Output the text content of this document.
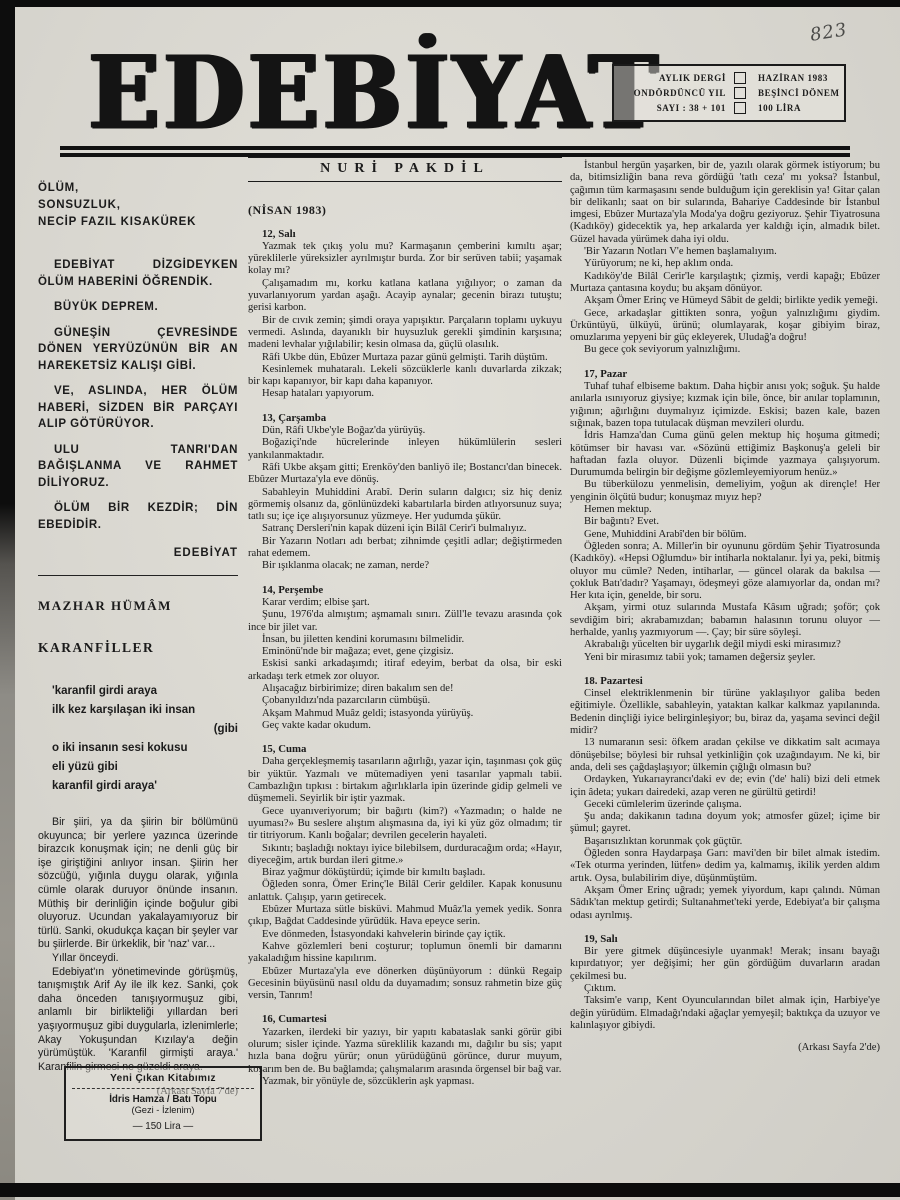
823
EDEBİYAT
AYLIK DERGİ	HAZİRAN 1983
ONDÖRDÜNCÜ YIL	BEŞİNCİ DÖNEM
SAYI : 38 + 101	100 LİRA
ÖLÜM,
SONSUZLUK,
NECİP FAZIL KISAKÜREK

EDEBİYAT DİZGİDEYKEN ÖLÜM HABERİNİ ÖĞRENDİK.

BÜYÜK DEPREM.

GÜNEŞİN ÇEVRESİNDE DÖNEN YERYÜZÜNÜN BİR AN HAREKETSİZ KALIŞI GİBİ.

VE, ASLINDA, HER ÖLÜM HABERİ, SİZDEN BİR PARÇAYI ALIP GÖTÜRÜYOR.

ULU TANRI'DAN BAĞIŞLANMA VE RAHMET DİLİYORUZ.

ÖLÜM BİR KEZDİR; DİN EBEDİDİR.

EDEBİYAT
MAZHAR HÜMÂM
KARANFİLLER
'karanfil girdi araya
ilk kez karşılaşan iki insan
(gibi
o iki insanın sesi kokusu
eli yüzü gibi
karanfil girdi araya'

Bir şiiri, ya da şiirin bir bölümünü okuyunca; bir yerlere yazınca üzerinde birazcık konuşmak için; ne denli güç bir işe giriştiğini anlıyor insan. Şiirin her sözcüğü, yığınla duygu olarak, yığınla cümle olarak duruyor önünde insanın. Müthiş bir derinliğin içinde boğulur gibi oluyoruz. Ucundan yakalayamıyoruz bir türlü. Sanki, okudukça kaçan bir şeyler var bu şiirlerde. Bir ürkeklik, bir 'naz' var...

Yıllar önceydi.

Edebiyat'ın yönetimevinde görüşmüş, tanışmıştık Arif Ay ile ilk kez. Sanki, çok daha önceden tanışıyormuşuz gibi, anlamlı bir birlikteliği yıllardan beri yaşıyormuşuz gibi duygularla, izlenimlerle; Akay Yokuşundan Kızılay'a değin yürümüştük. 'Karanfil girmişti araya.' Karanfilin girmesi ne güzeldi araya.

(Arkası Sayfa 7'de)
Yeni Çıkan Kitabımız
İdris Hamza / Batı Topu
(Gezi - İzlenim)
— 150 Lira —
NURİ PAKDİL
(NİSAN 1983)
12, Salı

Yazmak tek çıkış yolu mu? Karmaşanın çemberini kımıltı aşar; yüreklilerle yüreksizler ayrılmıştır burda. Zor bir serüven tabii; yaşamak kolay mı?

Çalışamadım mı, korku katlana katlana yığılıyor; o zaman da yuvarlanıyorum yardan aşağı. Acayip aynalar; gecenin birazı tutuştu; gerisi karbon.

Bir de cıvık zemin; şimdi oraya yapışıktır. Parçaların toplamı uykuyu vermedi. Aslında, dayanıklı bir huysuzluk gerekli şimdinin karşısına; madeni levhalar yığılabilir; kesin olmasa da, güçlü olasılık.

Râfi Ukbe dün, Ebûzer Murtaza pazar günü gelmişti. Tarih düştüm.

Kesinlemek muhataralı. Lekeli sözcüklerle kanlı duvarlarda zikzak; bir kapı kapanıyor, bir kapı daha kapanıyor.

Hesap hataları yapıyorum.

13, Çarşamba

Dün, Râfi Ukbe'yle Boğaz'da yürüyüş.

Boğaziçi'nde hücrelerinde inleyen hükümlülerin sesleri yankılanmaktadır.

Râfi Ukbe akşam gitti; Erenköy'den banliyö ile; Bostancı'dan binecek. Ebûzer Murtaza'yla eve dönüş.

Sabahleyin Muhiddini Arabî. Derin suların dalgıcı; siz hiç deniz görmemiş olsanız da, gönlünüzdeki kabartılarla birden atlıyorsunuz suya; tatlı su; içe içe alışıyorsunuz yüzmeye. Her yudumda şükür.

Satranç Dersleri'nin kapak düzeni için Bilâl Cerir'i bulmalıyız.

Bir Yazarın Notları adı berbat; zihnimde çeşitli adlar; değiştirmeden rahat edemem.

Bir ışıklanma olacak; ne zaman, nerde?

14, Perşembe

Karar verdim; elbise şart.

Şunu, 1976'da almıştım; aşmamalı sınırı. Züll'le tevazu arasında çok ince bir jilet var.

İnsan, bu jiletten kendini korumasını bilmelidir.

Eminönü'nde bir mağaza; evet, gene çizgisiz.

Eskisi sanki arkadaşımdı; itiraf edeyim, berbat da olsa, bir eski arkadaşı terk etmek zor oluyor.

Alışacağız birbirimize; diren bakalım sen de!

Çobanyıldızı'nda pazarcıların cümbüşü.

Akşam Mahmud Muâz geldi; istasyonda yürüyüş.

Geç vakte kadar okudum.

15, Cuma

Daha gerçekleşmemiş tasarıların ağırlığı, yazar için, taşınması çok güç bir yüktür. Yazmalı ve mütemadiyen yeni tasarılar yapmalı tabii. Cambazlığın tıpkısı : birtakım ağırlıklarla ipin üzerinde gidip gelmeli ve düşmemeli. Seyirlik bir iştir yazmak.

Gece uyanıveriyorum; bir bağırtı (kim?) «Yazmadın; o halde ne uyuması?» Bu seslere alıştım alışmasına da, iyi ki yüz göz olmadım; tir tir titriyorum. Kanlı boğalar; devrilen gecelerin hayaleti.

Sıkıntı; başladığı noktayı iyice bilebilsem, durduracağım orda; «Hayır, diyeceğim, artık burdan ileri gitme.»

Biraz yağmur döküştürdü; içimde bir kımıltı başladı.

Öğleden sonra, Ömer Erinç'le Bilâl Cerir geldiler. Kapak konusunu anlattık. Çalışıp, yarın getirecek.

Ebûzer Murtaza sütle bisküvi. Mahmud Muâz'la yemek yedik. Sonra çıkıp, Bağdat Caddesinde yürüdük. Hava epeyce serin.

Eve dönmeden, İstasyondaki kahvelerin birinde çay içtik.

Kahve gözlemleri beni coşturur; toplumun önemli bir damarını yakaladığım hissine kapılırım.

Ebûzer Murtaza'yla eve dönerken düşünüyorum : dünkü Regaip Gecesinin büyüsünü nasıl oldu da duyamadım; sonsuz rahmetin bize güç versin, Tanrım!

16, Cumartesi

Yazarken, ilerdeki bir yazıyı, bir yapıtı kabataslak sanki görür gibi olurum; sisler içinde. Yazma süreklilik kazandı mı, dağılır bu sis; yapıt hızla bana doğru yürür; onun yürüdüğünü görünce, durur muyum, koşarım ben de. Bu bağlamda; çalışmalarım arasında örgensel bir bağ var.

Yazmak, bir yönüyle de, sözcüklerin aşk yapması.

İstanbul hergün yaşarken, bir de, yazılı olarak görmek istiyorum; bu da, bitimsizliğin bana reva gördüğü 'tatlı ceza' mı yoksa? İstanbul, çağımın tüm karmaşasını sende bulduğum için gereklisin ya! Gitar çalan bir delikanlı; saat on bir sularında, Bahariye Caddesinde bir İstanbul imgesi, Ebûzer Murtaza'yla Moda'ya doğru geziyoruz. Şehir Tiyatrosuna (Kadıköy) gidecektik ya, hep arkalarda yer kaldığı için, almadık bilet. Güzel havada yürümek daha iyi oldu.

'Bir Yazarın Notları V'e hemen başlamalıyım.

Yürüyorum; ne ki, hep aklım onda.

Kadıköy'de Bilâl Cerir'le karşılaştık; çizmiş, verdi kapağı; Ebûzer Murtaza çantasına koydu; bu akşam dönüyor.

Akşam Ömer Erinç ve Hümeyd Sâbit de geldi; birlikte yedik yemeği.

Gece, arkadaşlar gittikten sonra, yoğun yalnızlığımı giydim. Ürküntüyü, ülküyü, ürünü; olumlayarak, koşar gibiyim biraz, omuzlarıma yepyeni bir güç ekleyerek, Uludağ'a doğru!

Bu gece çok seviyorum yalnızlığımı.

17, Pazar

Tuhaf tuhaf elbiseme baktım. Daha hiçbir anısı yok; soğuk. Şu halde anılarla ısınıyoruz giysiye; kızmak için bile, önce, bir anılar toplamının, yığının; ağırlığını duymalıyız içimizde. Eskisi; bazen kale, bazen sığınak, bazen topa tutulacak düşman mevzileri olurdu.

İdris Hamza'dan Cuma günü gelen mektup hiç hoşuma gitmedi; kötümser bir havası var. «Sözünü ettiğimiz Başkonuş'a geleli bir haftadan fazla oluyor. Düzenli biçimde yazmaya çalışıyorum. Durumumda belirgin bir değişme gözlemleyemiyorum henüz.»

Bu tüberkülozu yenmelisin, demeliyim, yoğun ak dirençle! Her yenginin ölçütü budur; konuşmaz mıyız hep?

Hemen mektup.

Bir bağıntı? Evet.

Gene, Muhiddini Arabî'den bir bölüm.

Öğleden sonra; A. Miller'in bir oyununu gördüm Şehir Tiyatrosunda (Kadıköy). «Hepsi Oğlumdu» bir intiharla noktalanır. İyi ya, peki, bitmiş oluyor mu cümle? Neden, intiharlar, — güncel olarak da bakılsa — çokluk Batı'dadır? Yaşamayı, ödeşmeyi göze alamıyorlar da, ondan mı? Her kıta için, genelde, bir soru.

Akşam, yirmi otuz sularında Mustafa Kâsım uğradı; şoför; çok sevdiğim biri; akrabamızdan; babamın halasının torunu oluyor — herhalde, yanlış yazmıyorum —. Çay; bir süre söyleşi.

Akrabalığı yücelten bir uygarlık değil miydi eski mirasımız?

Yeni bir mirasımız tabii yok; tamamen değersiz şeyler.

18. Pazartesi

Cinsel elektriklenmenin bir türüne yaklaşılıyor galiba beden eğitimiyle. Özellikle, sabahleyin, yataktan kalkar kalkmaz yapılanında. Bedenin dinçliği iyice belirginleşiyor; bu, biraz da, yaşama sevinci değil midir?

13 numaranın sesi: öfkem aradan çekilse ve dikkatim salt acımaya dönüşebilse; böylesi bir ruhsal yetkinliğin çok uzağındayım. Ne ki, bir anda, deli ses çağdaşlaşıyor; ülkemin çığlığı olmasın bu?

Ordayken, Yukarıayrancı'daki ev de; evin ('de' hali) bizi deli etmek için âdeta; yukarı dairedeki, azap veren ne gürültü getirdi!

Geceki cümlelerim üzerinde çalışma.

Şu anda; dakikanın tadına doyum yok; atmosfer güzel; içime bir şümul; gayret.

Başarısızlıktan korunmak çok güçtür.

Öğleden sonra Haydarpaşa Garı: mavi'den bir bilet almak istedim. «Tek oturma yerinden, lütfen» dedim ya, kalmamış, ikilik yerden aldım artık. Oysa, bulabilirim diye, düşünmüştüm.

Akşam Ömer Erinç uğradı; yemek yiyordum, kapı çalındı. Nûman Sâdık'tan mektup getirdi; Sultanahmet'teki yerde, Edebiyat'a bir çalışma odası ayrılmış.

19, Salı

Bir yere gitmek düşüncesiyle uyanmak! Merak; insanı bayağı kıpırdatıyor; yer değişimi; her gün gördüğüm duvarların aradan çekilmesi bu.

Çıktım.

Taksim'e varıp, Kent Oyuncularından bilet almak için, Harbiye'ye değin yürüdüm. Elmadağı'ndaki ağaçlar yemyeşil; baktıkça da uzuyor ve kalınlaşıyor gibiydi.

(Arkası Sayfa 2'de)
